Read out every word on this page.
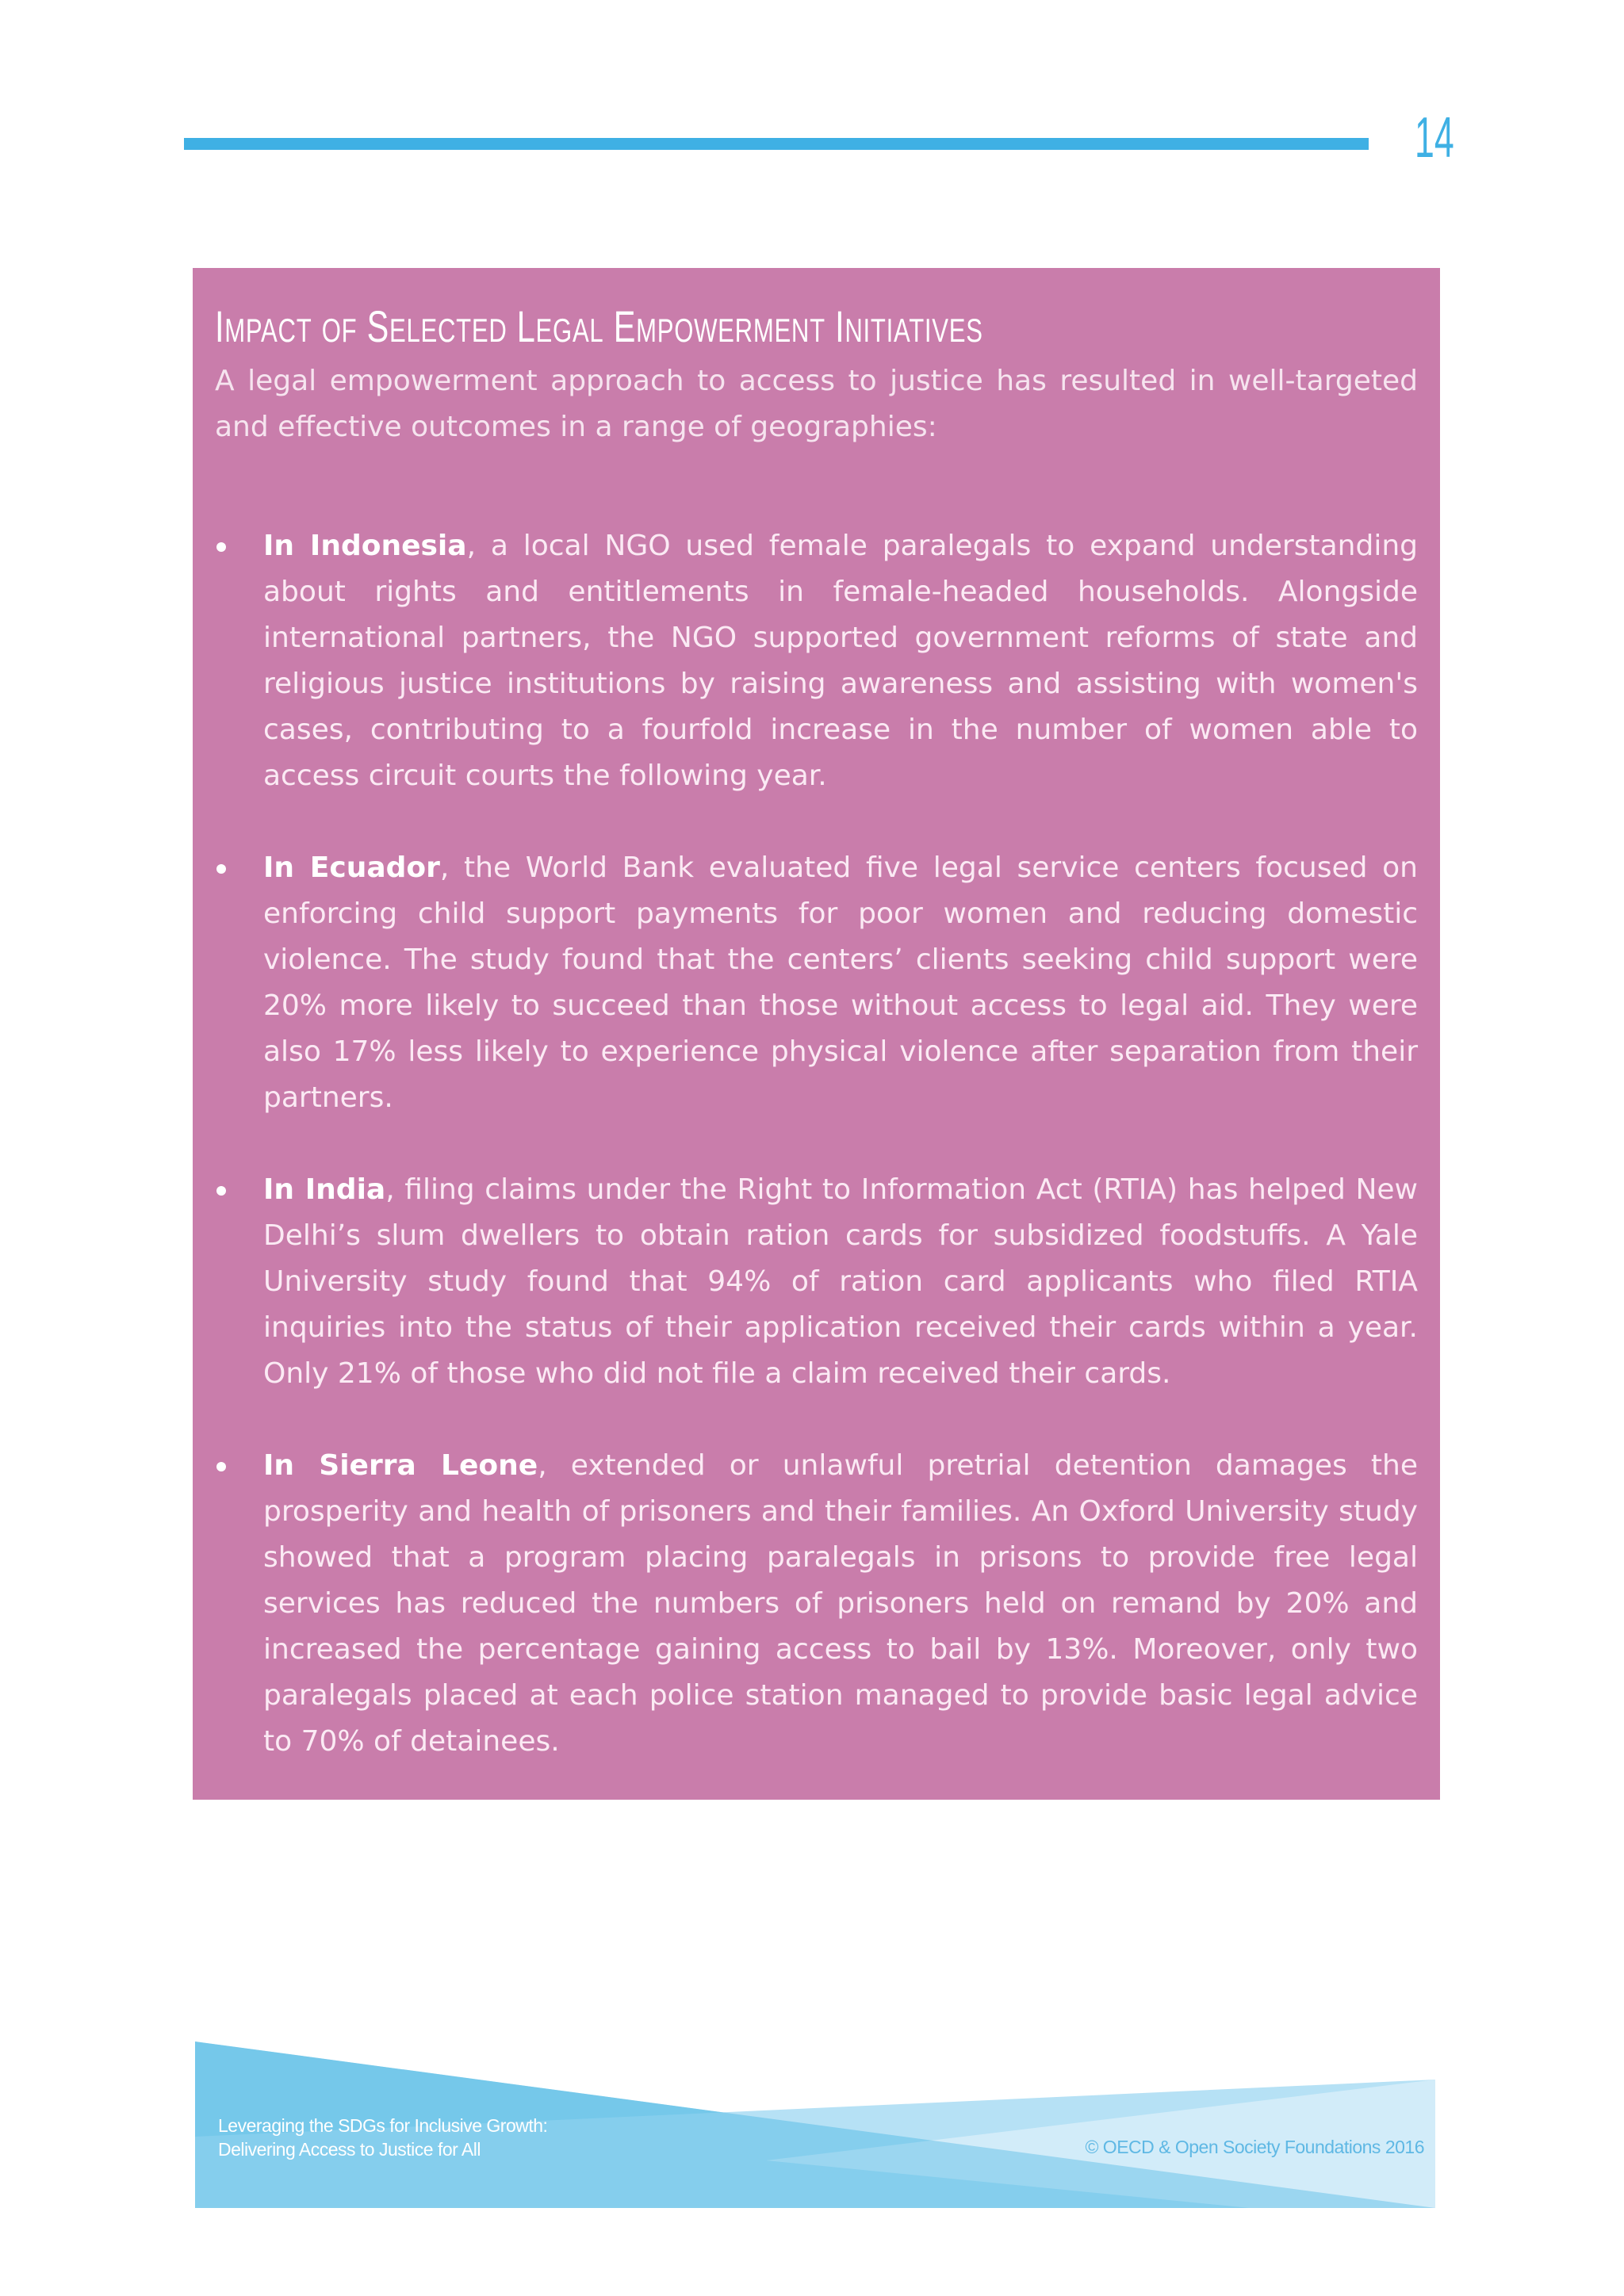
14
IMPACT OF SELECTED LEGAL EMPOWERMENT INITIATIVES

A legal empowerment approach to access to justice has resulted in well-targeted and effective outcomes in a range of geographies:

In Indonesia, a local NGO used female paralegals to expand understanding about rights and entitlements in female-headed households. Alongside international partners, the NGO supported government reforms of state and religious justice institutions by raising awareness and assisting with women's cases, contributing to a fourfold increase in the number of women able to access circuit courts the following year.
In Ecuador, the World Bank evaluated five legal service centers focused on enforcing child support payments for poor women and reducing domestic violence. The study found that the centers’ clients seeking child support were 20% more likely to succeed than those without access to legal aid. They were also 17% less likely to experience physical violence after separation from their partners.
In India, filing claims under the Right to Information Act (RTIA) has helped New Delhi’s slum dwellers to obtain ration cards for subsidized foodstuffs. A Yale University study found that 94% of ration card applicants who filed RTIA inquiries into the status of their application received their cards within a year. Only 21% of those who did not file a claim received their cards.
In Sierra Leone, extended or unlawful pretrial detention damages the prosperity and health of prisoners and their families. An Oxford University study showed that a program placing paralegals in prisons to provide free legal services has reduced the numbers of prisoners held on remand by 20% and increased the percentage gaining access to bail by 13%. Moreover, only two paralegals placed at each police station managed to provide basic legal advice to 70% of detainees.
Leveraging the SDGs for Inclusive Growth:
Delivering Access to Justice for All	© OECD & Open Society Foundations 2016
